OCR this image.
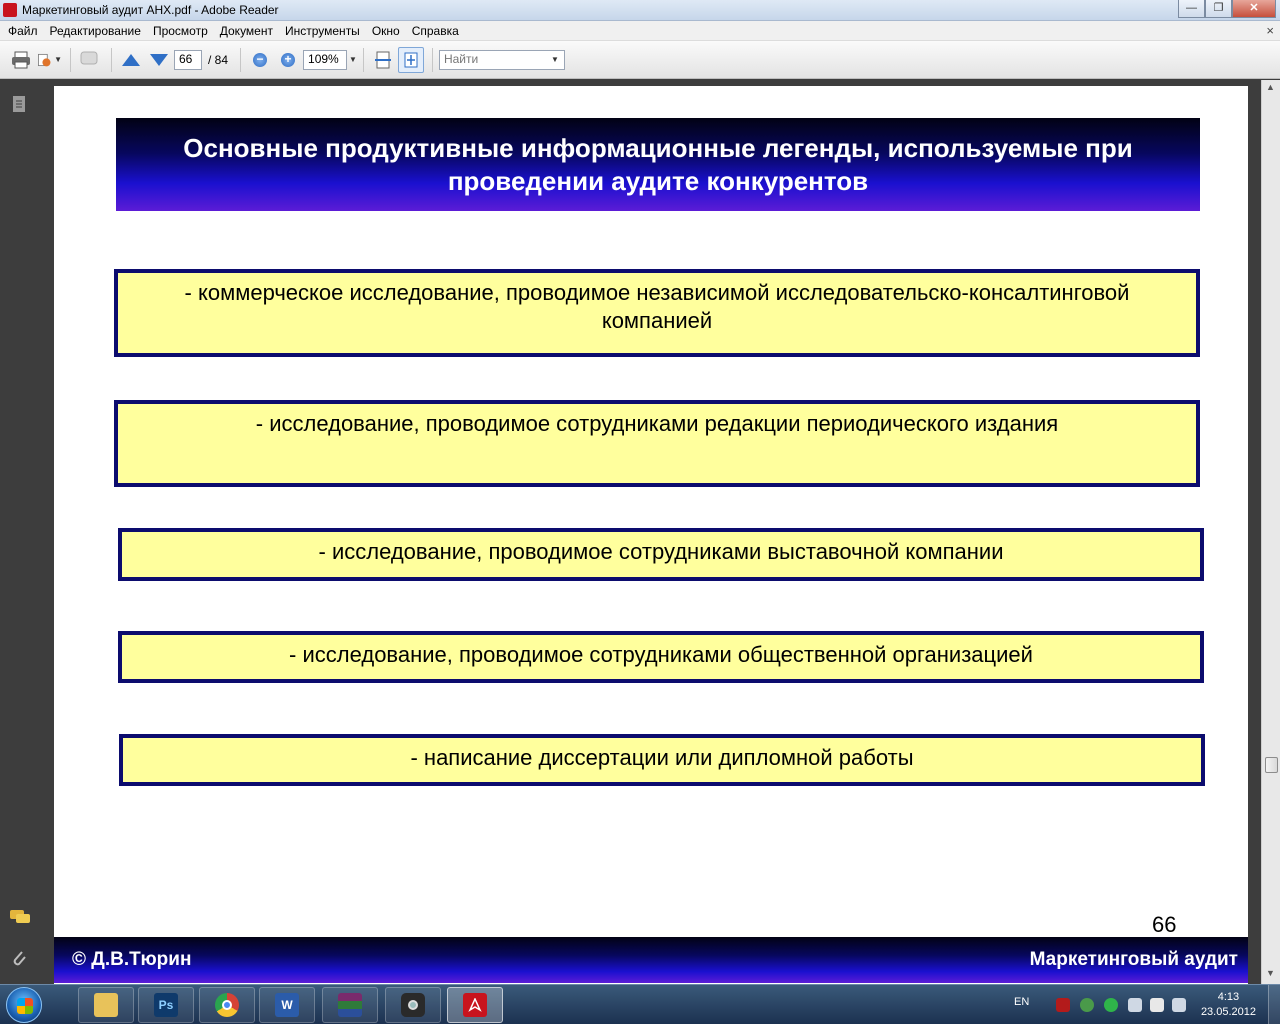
Маркетинговый аудит АНХ.pdf - Adobe Reader	—	❐	✕
Файл	Редактирование	Просмотр	Документ	Инструменты	Окно	Справка	×
▼	66	/ 84 − +	109%	▼	Найти	▼
Основные продуктивные информационные легенды, используемые при проведении аудите конкурентов
- коммерческое исследование, проводимое независимой исследовательско-консалтинговой компанией
- исследование, проводимое сотрудниками редакции периодического издания
- исследование, проводимое сотрудниками выставочной компании
- исследование, проводимое сотрудниками общественной организацией
- написание диссертации или дипломной работы
66
© Д.В.Тюрин	Маркетинговый аудит
▲
▼
Ps	W	EN	4:13
23.05.2012
